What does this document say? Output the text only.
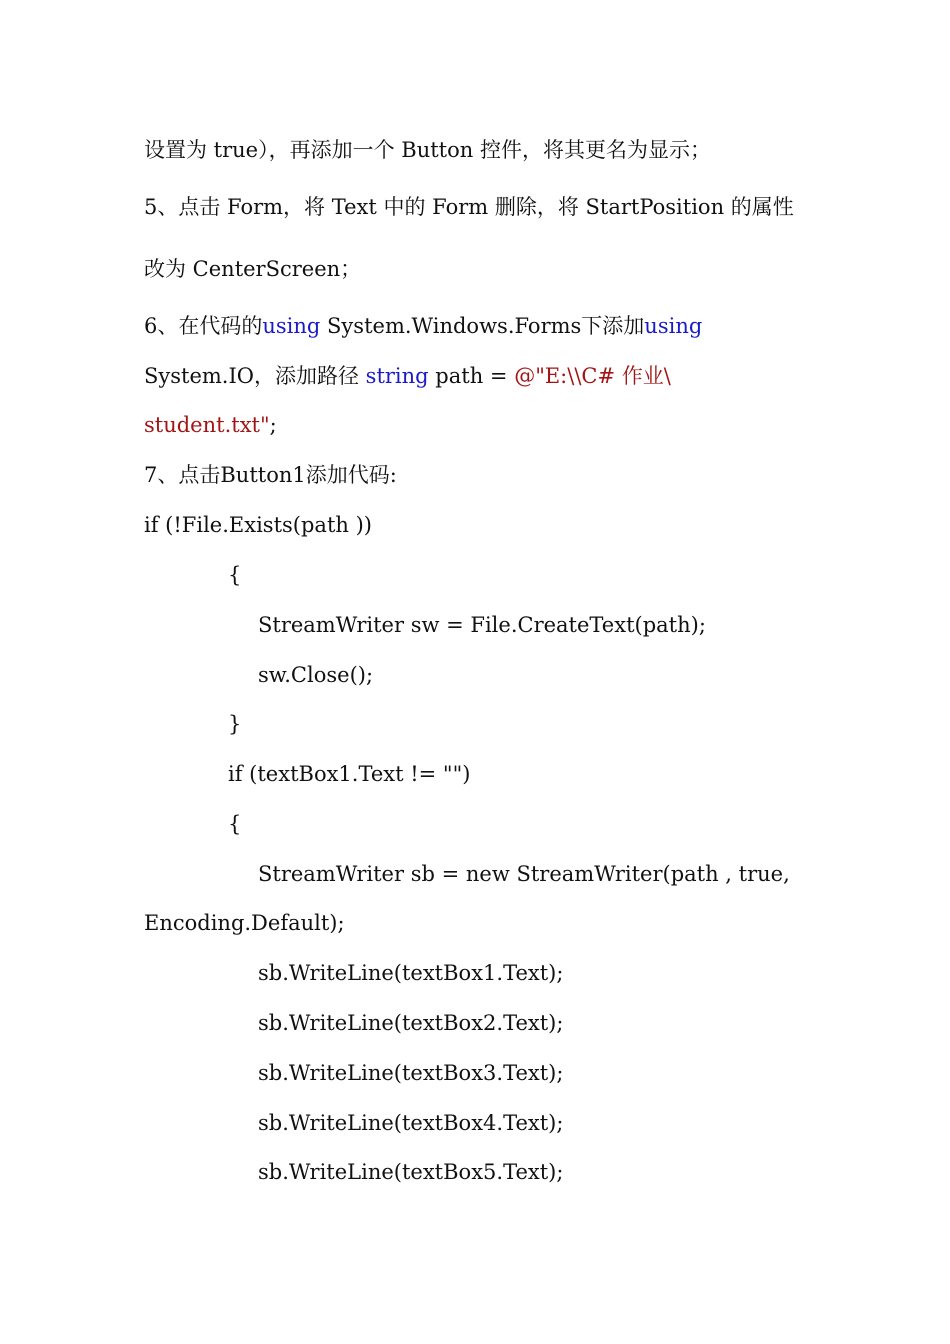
设置为 true），再添加一个 Button 控件，将其更名为显示；
5、点击 Form，将 Text 中的 Form 删除，将 StartPosition 的属性
改为 CenterScreen；
6、在代码的using System.Windows.Forms下添加using
System.IO，添加路径 string path = @"E:\\C# 作业\
student.txt";
7、点击Button1添加代码:
if (!File.Exists(path ))
{
StreamWriter sw = File.CreateText(path);
sw.Close();
}
if (textBox1.Text != "")
{
StreamWriter sb = new StreamWriter(path , true,
Encoding.Default);
sb.WriteLine(textBox1.Text);
sb.WriteLine(textBox2.Text);
sb.WriteLine(textBox3.Text);
sb.WriteLine(textBox4.Text);
sb.WriteLine(textBox5.Text);
